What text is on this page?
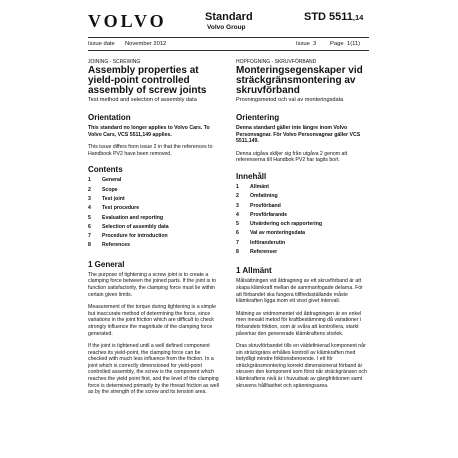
VOLVO	Standard
Volvo Group
STD 5511,14
Issue date November 2012	Issue 3 Page 1(11)
JOINING - SCREWING
Assembly properties at yield-point controlled assembly of screw joints
Test method and selection of assembly data
Orientation
This standard no longer applies to Volvo Cars. To Volvo Cars, VCS 5511,149 applies.
This issue differs from issue 2 in that the references to Handbook PV2 have been removed.
Contents
1	General
2	Scope
3	Test joint
4	Test procedure
5	Evaluation and reporting
6	Selection of assembly data
7	Procedure for introduction
8	References
1 General
The purpose of tightening a screw joint is to create a clamping force between the joined parts. If the joint is to function satisfactorily, the clamping force must lie within certain given limits.
Measurement of the torque during tightening is a simple but inaccurate method of determining the force, since variations in the joint friction which are difficult to check strongly influence the magnitude of the clamping force generated.
If the joint is tightened until a well defined component reaches its yield-point, the clamping force can be checked with much less influence from the friction. In a joint which is correctly dimensioned for yield-point controlled assembly, the screw is the component which reaches the yield point first, and the level of the clamping force is determined primarily by the thread friction as well as by the strength of the screw and its tension area.
HOPFOGNING - SKRUVFÖRBAND
Monteringsegenskaper vid sträckgränsmontering av skruvförband
Provningsmetod och val av monteringsdata
Orientering
Denna standard gäller inte längre inom Volvo Personvagnar. För Volvo Personvagnar gäller VCS 5511,149.
Denna utgåva skiljer sig från utgåva 2 genom att referenserna till Handbok PV2 har tagits bort.
Innehåll
1	Allmänt
2	Omfattning
3	Provförband
4	Provförfarande
5	Utvärdering och rapportering
6	Val av monteringsdata
7	Införanderutin
8	Referenser
1 Allmänt
Målsättningen vid åtdragning av ett skruvförband är att skapa klämkraft mellan de sammanfogade delarna. För att förbandet ska fungera tillfredsställande måste klämkraften ligga inom ett visst givet intervall.
Mätning av vridmomentet vid åtdragningen är en enkel men inexakt metod för kraftbestämning då variationer i förbandets friktion, som är svåra att kontrollera, starkt påverkar den genererade klämkraftens storlek.
Dras skruvförbandet tills en väldefinierad komponent når sin sträckgräns erhålles kontroll av klämkraften med betydligt mindre friktionsberoende. I ett för sträckgränsmontering korrekt dimensionerat förband är skruven den komponent som först når sträckgränsen och klämkraftens nivå är i huvudsak av gängfriktionen samt skruvens hållfasthet och spänningsarea.
